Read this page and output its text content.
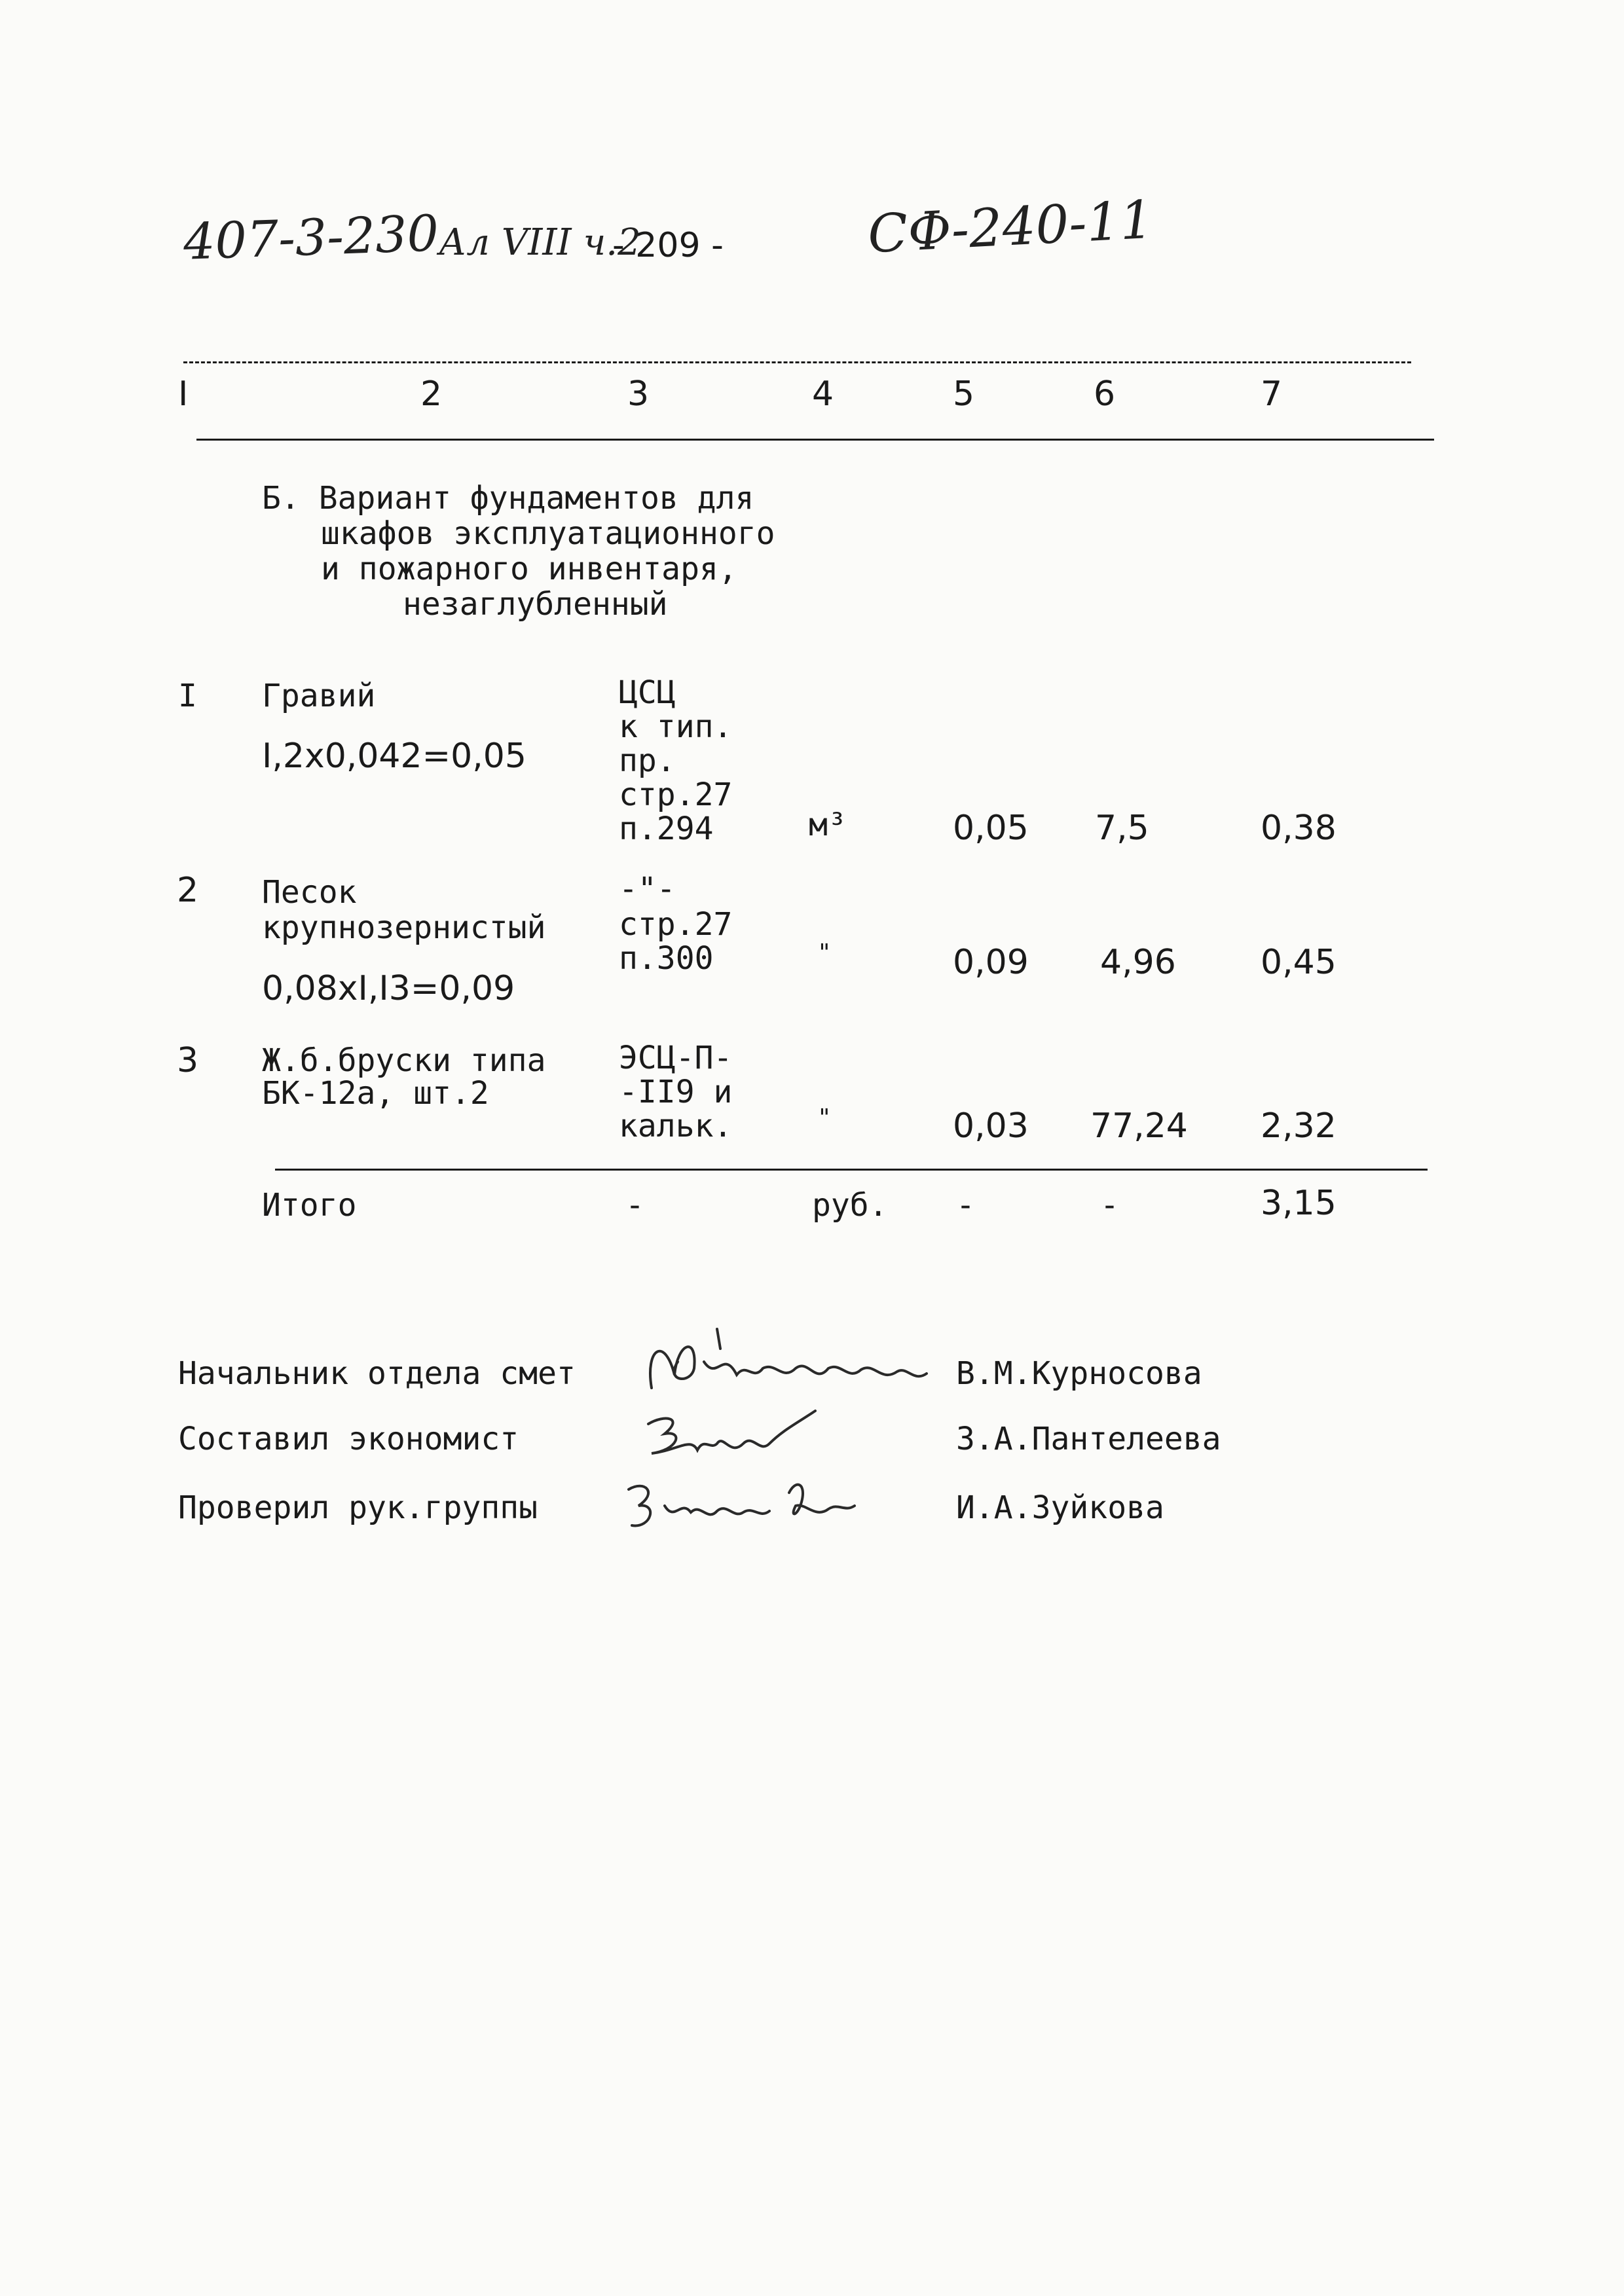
407-3-230
Ал VIII ч.2
- 209 -	СФ-240-11
I	2	3	4	5	6	7
Б. Вариант фундаментов для
шкафов эксплуатационного
и пожарного инвентаря,
незаглубленный
I Гравий
I,2x0,042=0,05
ЦСЦ
к тип.
пр.
стр.27
п.294	м³	0,05 7,5	0,38
2 Песок
крупнозернистый
0,08xI,I3=0,09
-"-
стр.27
п.300	"	0,09 4,96 0,45
3 Ж.б.бруски типа
БК-12а, шт.2
ЭСЦ-П-
-II9 и
кальк.	"	0,03 77,24 2,32
Итого	-	руб. -	-	3,15
Начальник отдела смет	В.М.Курносова
Составил экономист	З.А.Пантелеева
Проверил рук.группы	И.А.Зуйкова
